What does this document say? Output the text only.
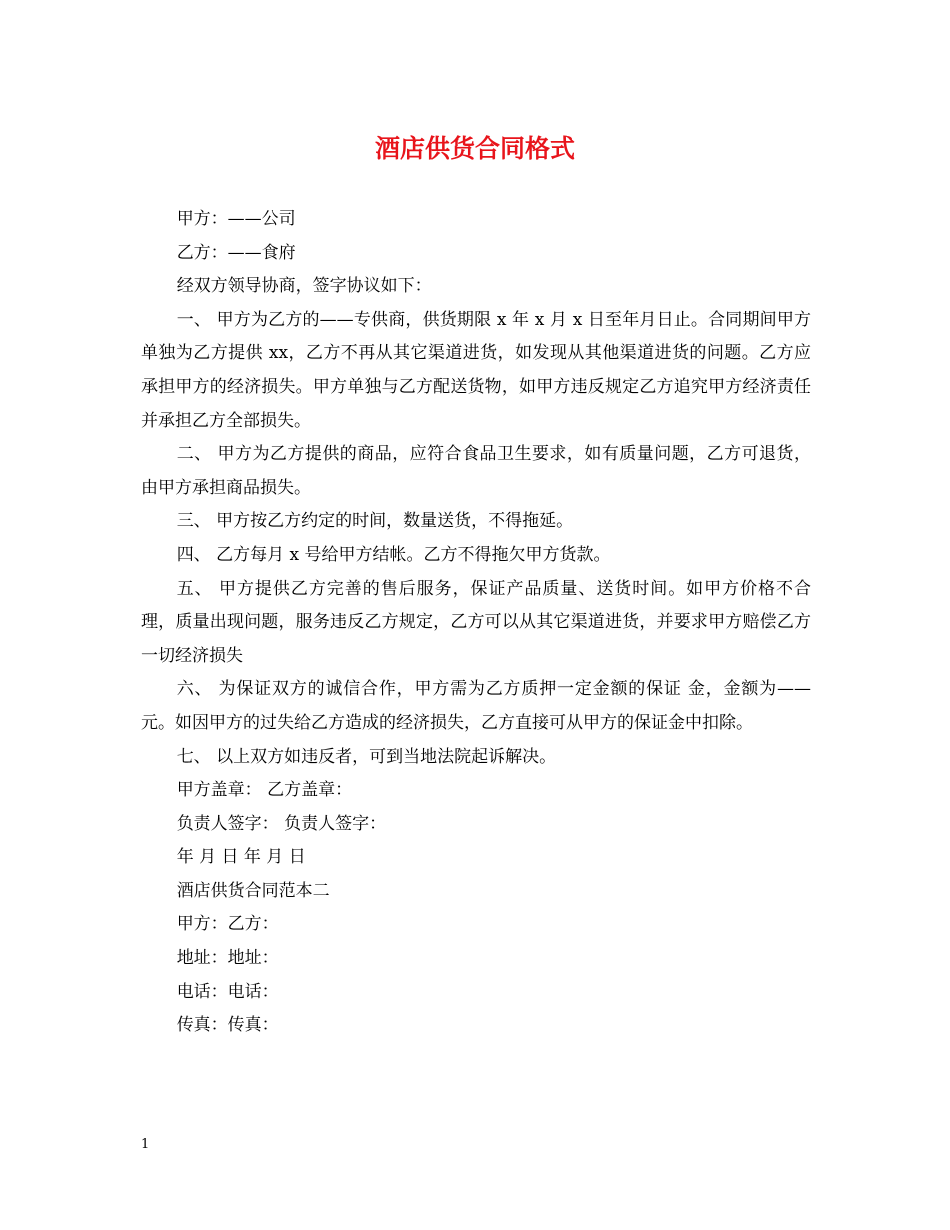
酒店供货合同格式

甲方：——公司

乙方：——食府

经双方领导协商，签字协议如下：

一、 甲方为乙方的——专供商，供货期限 x 年 x 月 x 日至年月日止。合同期间甲方单独为乙方提供 xx，乙方不再从其它渠道进货，如发现从其他渠道进货的问题。乙方应承担甲方的经济损失。甲方单独与乙方配送货物，如甲方违反规定乙方追究甲方经济责任并承担乙方全部损失。

二、 甲方为乙方提供的商品，应符合食品卫生要求，如有质量问题，乙方可退货，由甲方承担商品损失。

三、 甲方按乙方约定的时间，数量送货，不得拖延。

四、 乙方每月 x 号给甲方结帐。乙方不得拖欠甲方货款。

五、 甲方提供乙方完善的售后服务，保证产品质量、送货时间。如甲方价格不合理，质量出现问题，服务违反乙方规定，乙方可以从其它渠道进货，并要求甲方赔偿乙方一切经济损失

六、 为保证双方的诚信合作，甲方需为乙方质押一定金额的保证 金，金额为——元。如因甲方的过失给乙方造成的经济损失，乙方直接可从甲方的保证金中扣除。

七、 以上双方如违反者，可到当地法院起诉解决。

甲方盖章： 乙方盖章：

负责人签字： 负责人签字：

年 月 日 年 月 日

酒店供货合同范本二

甲方：乙方：

地址：地址：

电话：电话：

传真：传真：

1
